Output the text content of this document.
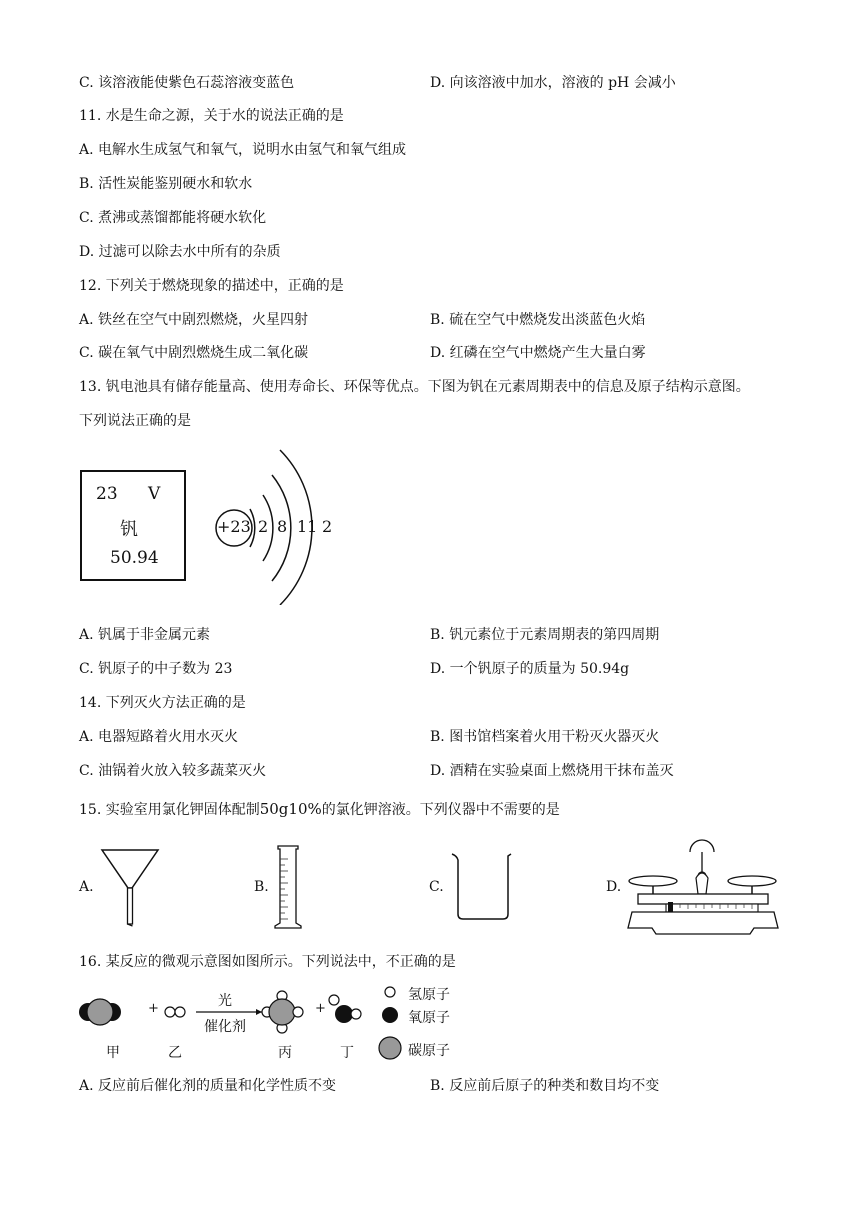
C. 该溶液能使紫色石蕊溶液变蓝色	D. 向该溶液中加水，溶液的 pH 会减小
11. 水是生命之源，关于水的说法正确的是
A. 电解水生成氢气和氧气，说明水由氢气和氧气组成
B. 活性炭能鉴别硬水和软水
C. 煮沸或蒸馏都能将硬水软化
D. 过滤可以除去水中所有的杂质
12. 下列关于燃烧现象的描述中，正确的是
A. 铁丝在空气中剧烈燃烧，火星四射	B. 硫在空气中燃烧发出淡蓝色火焰
C. 碳在氧气中剧烈燃烧生成二氧化碳	D. 红磷在空气中燃烧产生大量白雾
13. 钒电池具有储存能量高、使用寿命长、环保等优点。下图为钒在元素周期表中的信息及原子结构示意图。
下列说法正确的是
23 V
钒
50.94
+23 2 8 11 2
A. 钒属于非金属元素	B. 钒元素位于元素周期表的第四周期
C. 钒原子的中子数为 23	D. 一个钒原子的质量为 50.94g
14. 下列灭火方法正确的是
A. 电器短路着火用水灭火	B. 图书馆档案着火用干粉灭火器灭火
C. 油锅着火放入较多蔬菜灭火	D. 酒精在实验桌面上燃烧用干抹布盖灭
15. 实验室用氯化钾固体配制50g10%的氯化钾溶液。下列仪器中不需要的是
A.	B.	C.	D.
16. 某反应的微观示意图如图所示。下列说法中，不正确的是
+	+
光
催化剂
氢原子
氧原子
碳原子
甲	乙	丙	丁
A. 反应前后催化剂的质量和化学性质不变	B. 反应前后原子的种类和数目均不变
